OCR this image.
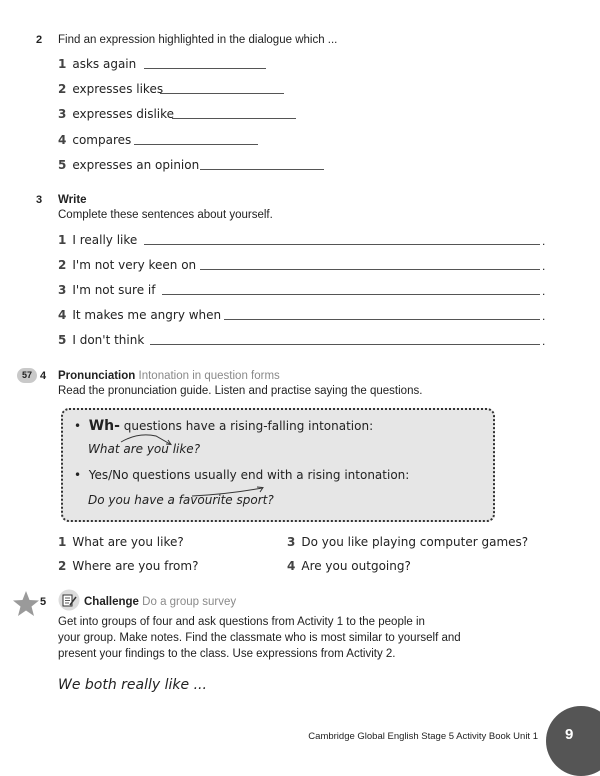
2 Find an expression highlighted in the dialogue which ...
1 asks again
2 expresses likes
3 expresses dislike
4 compares
5 expresses an opinion
3 Write
Complete these sentences about yourself.
1 I really like	.
2 I'm not very keen on	.
3 I'm not sure if	.
4 It makes me angry when	.
5 I don't think	.
57 4 Pronunciation Intonation in question forms
Read the pronunciation guide. Listen and practise saying the questions.
•  Wh- questions have a rising-falling intonation:
What are you like?
•  Yes/No questions usually end with a rising intonation:
Do you have a favourite sport?
1 What are you like?
2 Where are you from?
3 Do you like playing computer games?
4 Are you outgoing?
5	Challenge Do a group survey
Get into groups of four and ask questions from Activity 1 to the people in
your group. Make notes. Find the classmate who is most similar to yourself and
present your findings to the class. Use expressions from Activity 2.
We both really like ...
Cambridge Global English Stage 5 Activity Book Unit 1 9
